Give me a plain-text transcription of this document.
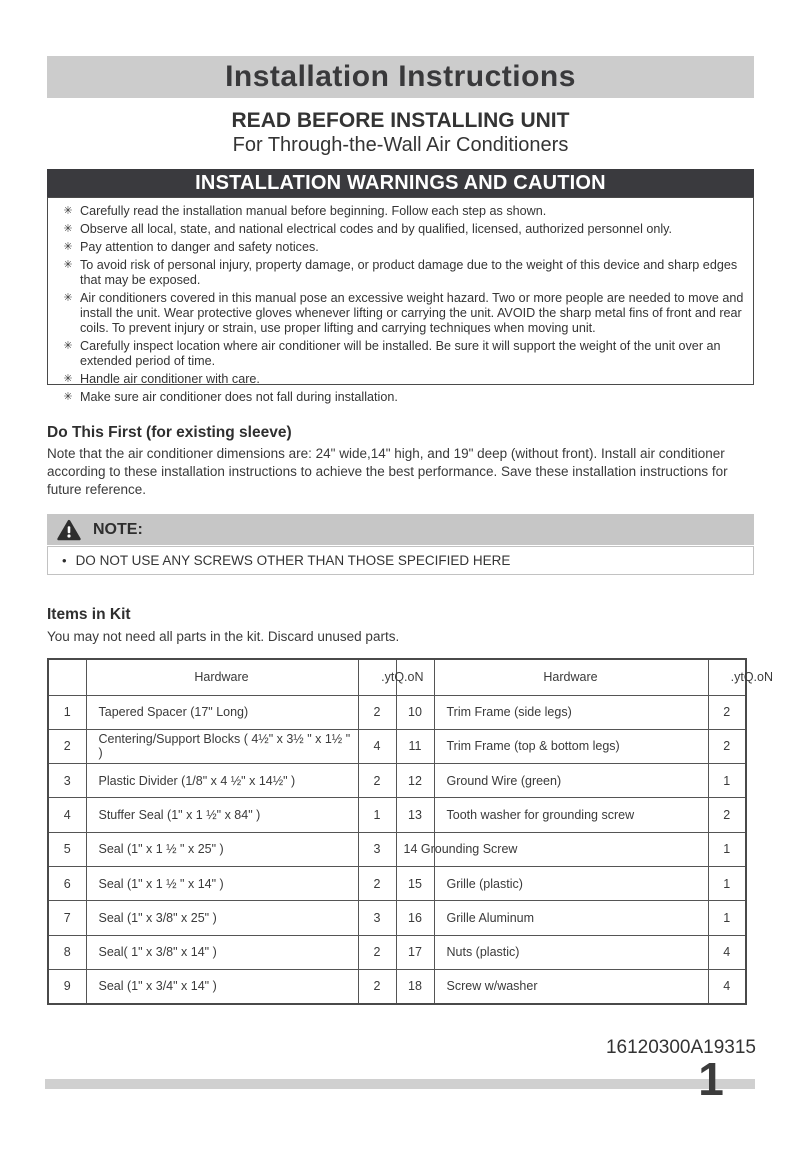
Installation Instructions
READ BEFORE INSTALLING UNIT
For Through-the-Wall Air Conditioners
INSTALLATION WARNINGS AND CAUTION
✳ Carefully read the installation manual before beginning. Follow each step as shown.
✳ Observe all local, state, and national electrical codes and by qualified, licensed, authorized personnel only.
✳ Pay attention to danger and safety notices.
✳ To avoid risk of personal injury, property damage, or product damage due to the weight of this device and sharp edges that may be exposed.
✳ Air conditioners covered in this manual pose an excessive weight hazard. Two or more people are needed to move and install the unit. Wear protective gloves whenever lifting or carrying the unit. AVOID the sharp metal fins of front and rear coils. To prevent injury or strain, use proper lifting and carrying techniques when moving unit.
✳ Carefully inspect location where air conditioner will be installed. Be sure it will support the weight of the unit over an extended period of time.
✳ Handle air conditioner with care.
✳ Make sure air conditioner does not fall during installation.
Do This First (for existing sleeve)
Note that the air conditioner dimensions are: 24" wide,14" high, and 19" deep (without front). Install air conditioner according to these installation instructions to achieve the best performance. Save these installation instructions for future reference.
NOTE:
• DO NOT USE ANY SCREWS OTHER THAN THOSE SPECIFIED HERE
Items in Kit
You may not need all parts in the kit. Discard unused parts.
	Hardware	.ytQ.oN		Hardware	.ytQ.oN

1	Tapered Spacer (17" Long)	2	10	Trim Frame (side legs)	2
2	Centering/Support Blocks ( 4½" x 3½ " x 1½ " )	4	11	Trim Frame (top & bottom legs)	2
3	Plastic Divider (1/8" x 4 ½" x 14½" )	2	12	Ground Wire (green)	1
4	Stuffer Seal (1" x 1 ½" x 84" )	1	13	Tooth washer for grounding screw	2
5	Seal (1" x 1 ½ " x 25" )	3	14 Grounding Screw		1
6	Seal (1" x 1 ½ " x 14" )	2	15	Grille (plastic)	1
7	Seal (1" x 3/8" x 25" )	3	16	Grille Aluminum	1
8	Seal( 1" x 3/8" x 14" )	2	17	Nuts (plastic)	4
9	Seal (1" x 3/4" x 14" )	2	18	Screw w/washer	4
16120300A19315
1
